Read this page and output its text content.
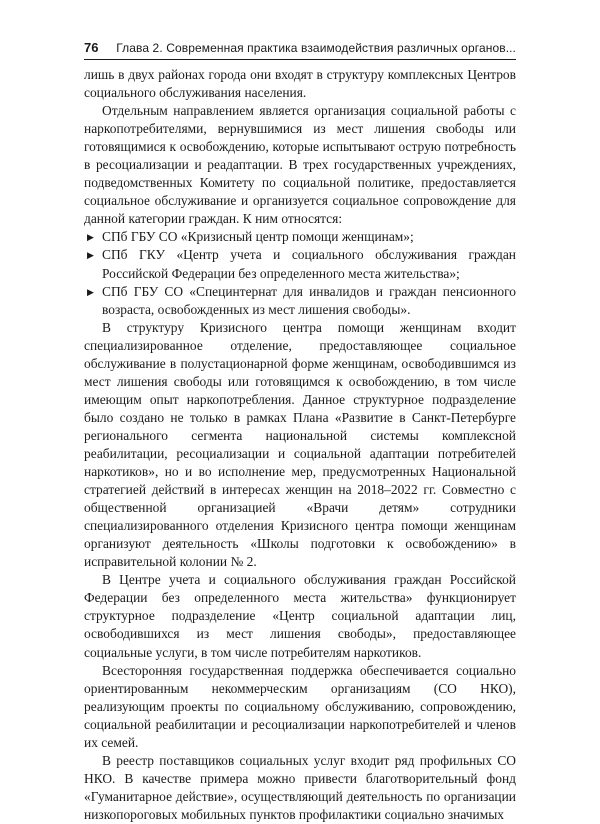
76 Глава 2. Современная практика взаимодействия различных органов...

лишь в двух районах города они входят в структуру комплексных Центров социального обслуживания населения.

Отдельным направлением является организация социальной работы с наркопотребителями, вернувшимися из мест лишения свободы или готовящимися к освобождению, которые испытывают острую потребность в ресоциализации и реадаптации. В трех государственных учреждениях, подведомственных Комитету по социальной политике, предоставляется социальное обслуживание и организуется социальное сопровождение для данной категории граждан. К ним относятся:

▶ СПб ГБУ СО «Кризисный центр помощи женщинам»;
▶ СПб ГКУ «Центр учета и социального обслуживания граждан Российской Федерации без определенного места жительства»;
▶ СПб ГБУ СО «Специнтернат для инвалидов и граждан пенсионного возраста, освобожденных из мест лишения свободы».

В структуру Кризисного центра помощи женщинам входит специализированное отделение, предоставляющее социальное обслуживание в полустационарной форме женщинам, освободившимся из мест лишения свободы или готовящимся к освобождению, в том числе имеющим опыт наркопотребления. Данное структурное подразделение было создано не только в рамках Плана «Развитие в Санкт-Петербурге регионального сегмента национальной системы комплексной реабилитации, ресоциализации и социальной адаптации потребителей наркотиков», но и во исполнение мер, предусмотренных Национальной стратегией действий в интересах женщин на 2018–2022 гг. Совместно с общественной организацией «Врачи детям» сотрудники специализированного отделения Кризисного центра помощи женщинам организуют деятельность «Школы подготовки к освобождению» в исправительной колонии № 2.

В Центре учета и социального обслуживания граждан Российской Федерации без определенного места жительства» функционирует структурное подразделение «Центр социальной адаптации лиц, освободившихся из мест лишения свободы», предоставляющее социальные услуги, в том числе потребителям наркотиков.

Всесторонняя государственная поддержка обеспечивается социально ориентированным некоммерческим организациям (СО НКО), реализующим проекты по социальному обслуживанию, сопровождению, социальной реабилитации и ресоциализации наркопотребителей и членов их семей.

В реестр поставщиков социальных услуг входит ряд профильных СО НКО. В качестве примера можно привести благотворительный фонд «Гуманитарное действие», осуществляющий деятельность по организации низкопороговых мобильных пунктов профилактики социально значимых
